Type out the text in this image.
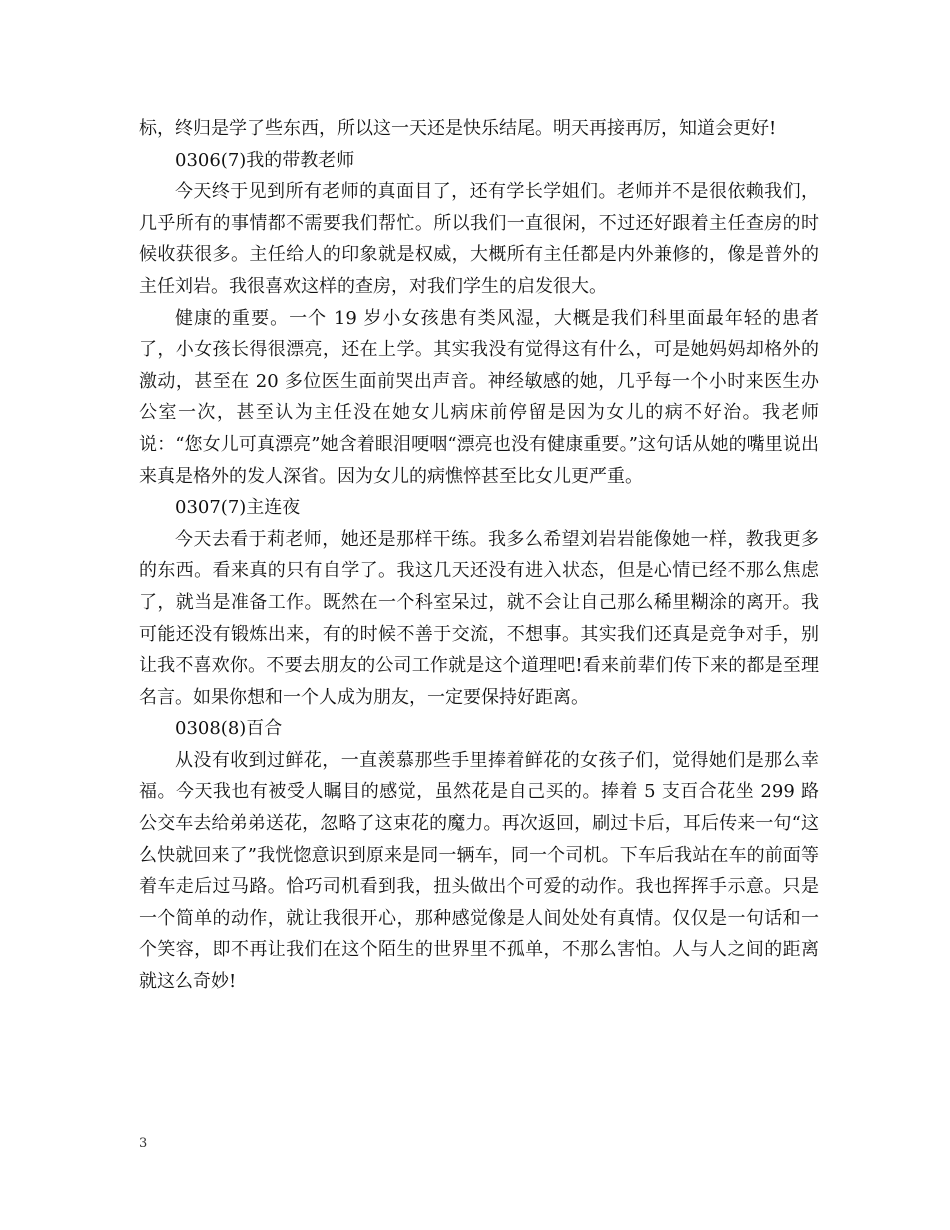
标，终归是学了些东西，所以这一天还是快乐结尾。明天再接再厉，知道会更好!

0306(7)我的带教老师

今天终于见到所有老师的真面目了，还有学长学姐们。老师并不是很依赖我们，几乎所有的事情都不需要我们帮忙。所以我们一直很闲，不过还好跟着主任查房的时候收获很多。主任给人的印象就是权威，大概所有主任都是内外兼修的，像是普外的主任刘岩。我很喜欢这样的查房，对我们学生的启发很大。

健康的重要。一个 19 岁小女孩患有类风湿，大概是我们科里面最年轻的患者了，小女孩长得很漂亮，还在上学。其实我没有觉得这有什么，可是她妈妈却格外的激动，甚至在 20 多位医生面前哭出声音。神经敏感的她，几乎每一个小时来医生办公室一次，甚至认为主任没在她女儿病床前停留是因为女儿的病不好治。我老师说：“您女儿可真漂亮”她含着眼泪哽咽“漂亮也没有健康重要。”这句话从她的嘴里说出来真是格外的发人深省。因为女儿的病憔悴甚至比女儿更严重。

0307(7)主连夜

今天去看于莉老师，她还是那样干练。我多么希望刘岩岩能像她一样，教我更多的东西。看来真的只有自学了。我这几天还没有进入状态，但是心情已经不那么焦虑了，就当是准备工作。既然在一个科室呆过，就不会让自己那么稀里糊涂的离开。我可能还没有锻炼出来，有的时候不善于交流，不想事。其实我们还真是竞争对手，别让我不喜欢你。不要去朋友的公司工作就是这个道理吧!看来前辈们传下来的都是至理名言。如果你想和一个人成为朋友，一定要保持好距离。

0308(8)百合

从没有收到过鲜花，一直羡慕那些手里捧着鲜花的女孩子们，觉得她们是那么幸福。今天我也有被受人瞩目的感觉，虽然花是自己买的。捧着 5 支百合花坐 299 路公交车去给弟弟送花，忽略了这束花的魔力。再次返回，刷过卡后，耳后传来一句“这么快就回来了”我恍惚意识到原来是同一辆车，同一个司机。下车后我站在车的前面等着车走后过马路。恰巧司机看到我，扭头做出个可爱的动作。我也挥挥手示意。只是一个简单的动作，就让我很开心，那种感觉像是人间处处有真情。仅仅是一句话和一个笑容，即不再让我们在这个陌生的世界里不孤单，不那么害怕。人与人之间的距离就这么奇妙!

3
